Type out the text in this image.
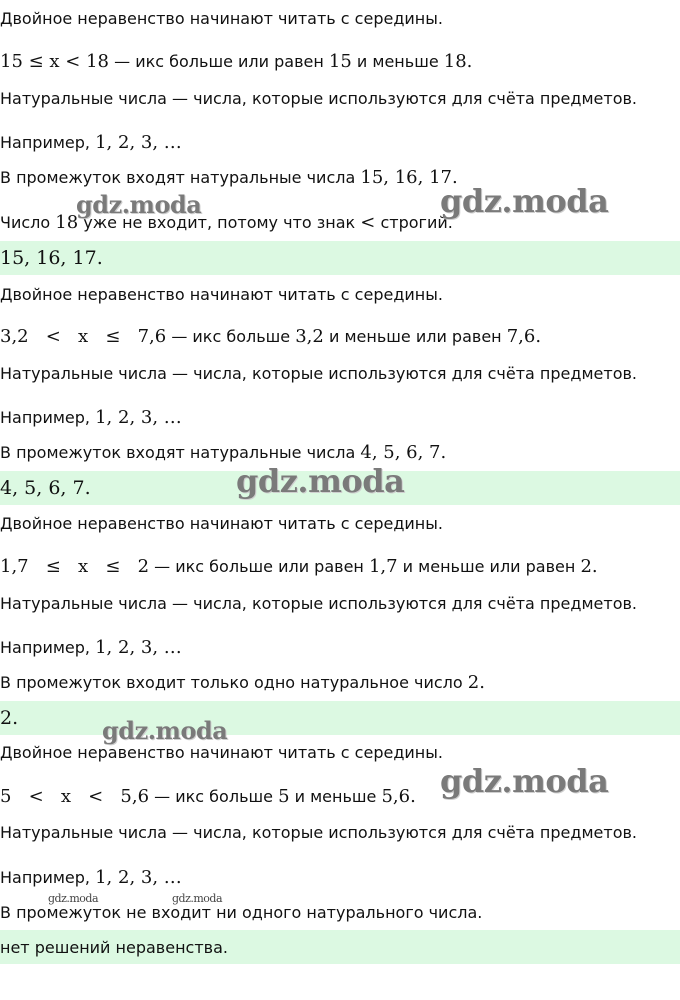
Двойное неравенство начинают читать с середины.
15 ≤ x < 18 — икс больше или равен 15 и меньше 18.
Натуральные числа — числа, которые используются для счёта предметов.
Например, 1, 2, 3, …
В промежуток входят натуральные числа 15, 16, 17.
Число 18 уже не входит, потому что знак < строгий.
15, 16, 17.
Двойное неравенство начинают читать с середины.
3,2   <   x   ≤   7,6 — икс больше 3,2 и меньше или равен 7,6.
Натуральные числа — числа, которые используются для счёта предметов.
Например, 1, 2, 3, …
В промежуток входят натуральные числа 4, 5, 6, 7.
4, 5, 6, 7.
Двойное неравенство начинают читать с середины.
1,7   ≤   x   ≤   2 — икс больше или равен 1,7 и меньше или равен 2.
Натуральные числа — числа, которые используются для счёта предметов.
Например, 1, 2, 3, …
В промежуток входит только одно натуральное число 2.
2.
Двойное неравенство начинают читать с середины.
5   <   x   <   5,6 — икс больше 5 и меньше 5,6.
Натуральные числа — числа, которые используются для счёта предметов.
Например, 1, 2, 3, …
В промежуток не входит ни одного натурального числа.
нет решений неравенства.
gdz.moda	gdz.moda
gdz.moda
gdz.moda
gdz.moda
gdz.moda	gdz.moda
